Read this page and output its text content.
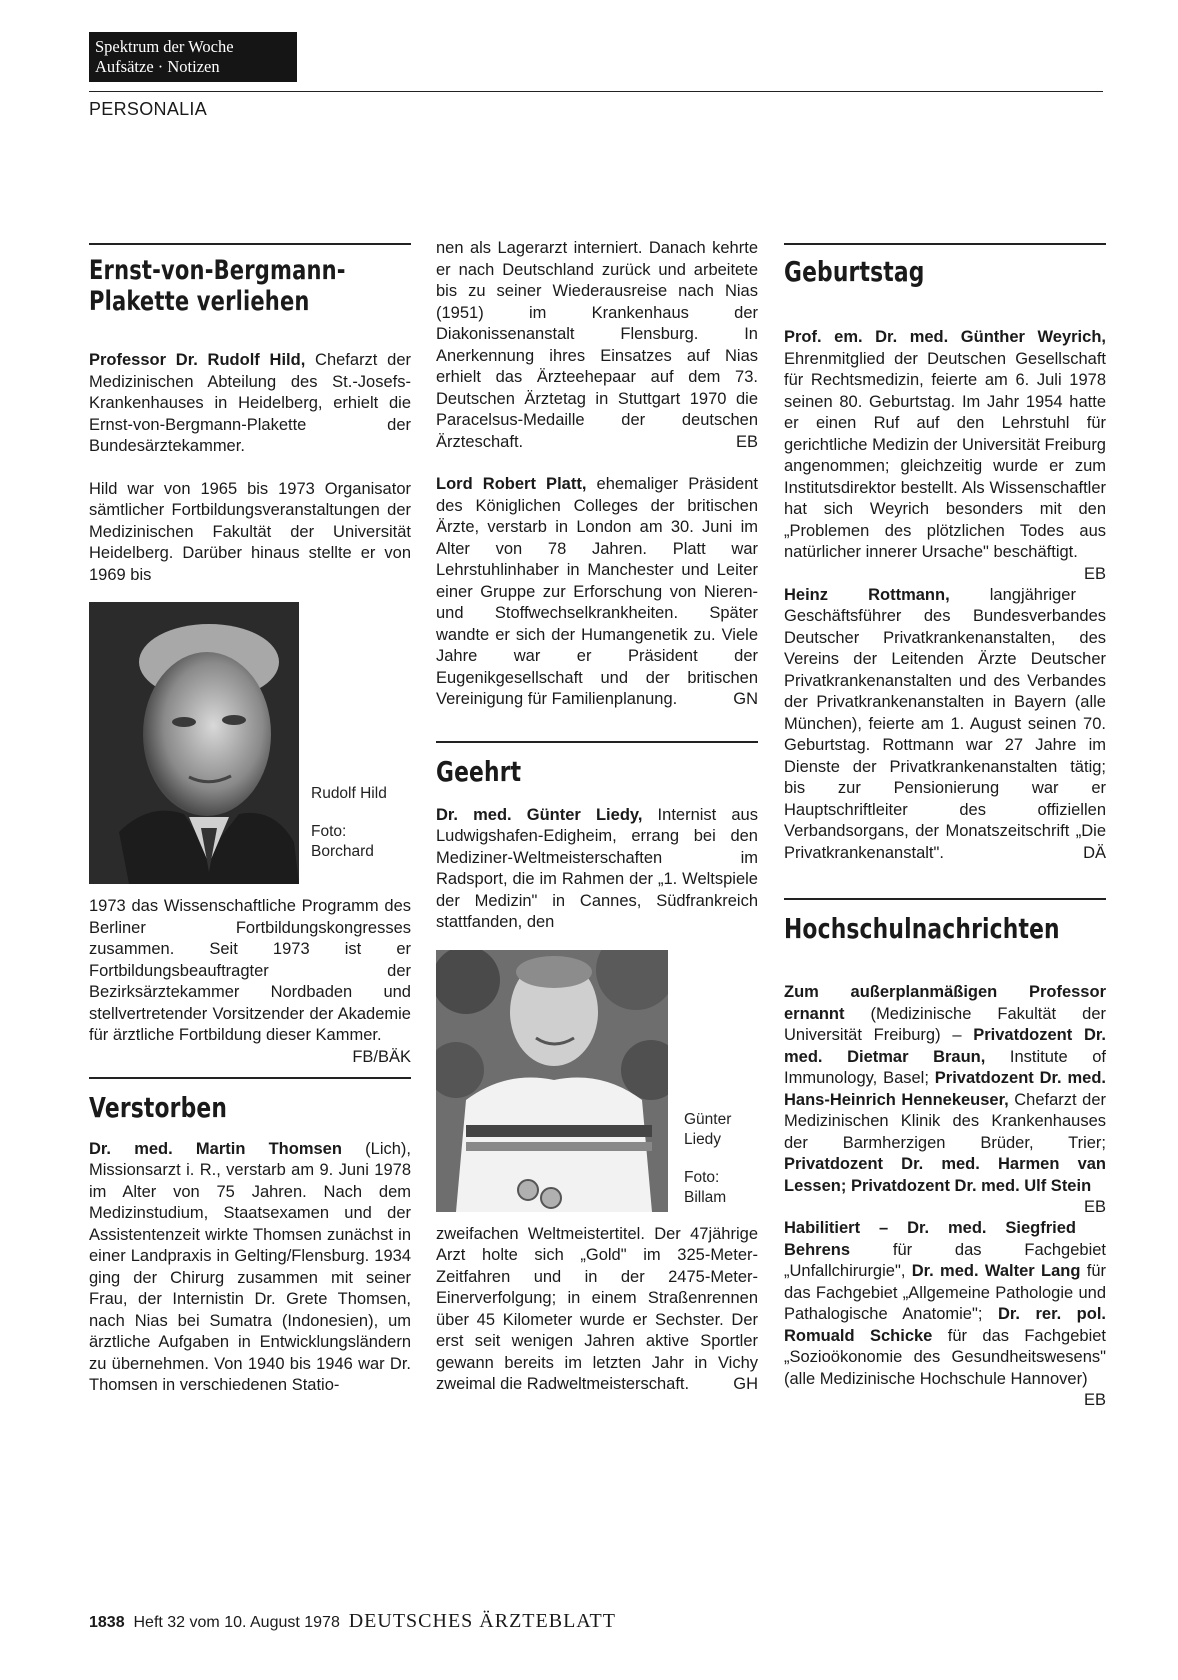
Spektrum der Woche
Aufsätze · Notizen
PERSONALIA
Ernst-von-Bergmann-
Plakette verliehen

Professor Dr. Rudolf Hild, Chefarzt der Medizinischen Abteilung des St.-Josefs-Krankenhauses in Heidelberg, erhielt die Ernst-von-Bergmann-Plakette der Bundesärztekammer.

Hild war von 1965 bis 1973 Organisator sämtlicher Fortbildungsveranstaltungen der Medizinischen Fakultät der Universität Heidelberg. Darüber hinaus stellte er von 1969 bis

Rudolf Hild
Foto:
Borchard

1973 das Wissenschaftliche Programm des Berliner Fortbildungskongresses zusammen. Seit 1973 ist er Fortbildungsbeauftragter der Bezirksärztekammer Nordbaden und stellvertretender Vorsitzender der Akademie für ärztliche Fortbildung dieser Kammer.
FB/BÄK

Verstorben

Dr. med. Martin Thomsen (Lich), Missionsarzt i. R., verstarb am 9. Juni 1978 im Alter von 75 Jahren. Nach dem Medizinstudium, Staatsexamen und der Assistentenzeit wirkte Thomsen zunächst in einer Landpraxis in Gelting/Flensburg. 1934 ging der Chirurg zusammen mit seiner Frau, der Internistin Dr. Grete Thomsen, nach Nias bei Sumatra (Indonesien), um ärztliche Aufgaben in Entwicklungsländern zu übernehmen. Von 1940 bis 1946 war Dr. Thomsen in verschiedenen Statio-

nen als Lagerarzt interniert. Danach kehrte er nach Deutschland zurück und arbeitete bis zu seiner Wiederausreise nach Nias (1951) im Krankenhaus der Diakonissenanstalt Flensburg. In Anerkennung ihres Einsatzes auf Nias erhielt das Ärzteehepaar auf dem 73. Deutschen Ärztetag in Stuttgart 1970 die Paracelsus-Medaille der deutschen Ärzteschaft.	EB

Lord Robert Platt, ehemaliger Präsident des Königlichen Colleges der britischen Ärzte, verstarb in London am 30. Juni im Alter von 78 Jahren. Platt war Lehrstuhlinhaber in Manchester und Leiter einer Gruppe zur Erforschung von Nieren- und Stoffwechselkrankheiten. Später wandte er sich der Humangenetik zu. Viele Jahre war er Präsident der Eugenikgesellschaft und der britischen Vereinigung für Familienplanung.	GN

Geehrt

Dr. med. Günter Liedy, Internist aus Ludwigshafen-Edigheim, errang bei den Mediziner-Weltmeisterschaften im Radsport, die im Rahmen der „1. Weltspiele der Medizin" in Cannes, Südfrankreich stattfanden, den

Günter
Liedy
Foto:
Billam

zweifachen Weltmeistertitel. Der 47jährige Arzt holte sich „Gold" im 325-Meter-Zeitfahren und in der 2475-Meter-Einerverfolgung; in einem Straßenrennen über 45 Kilometer wurde er Sechster. Der erst seit wenigen Jahren aktive Sportler gewann bereits im letzten Jahr in Vichy zweimal die Radweltmeisterschaft.	GH

Geburtstag

Prof. em. Dr. med. Günther Weyrich, Ehrenmitglied der Deutschen Gesellschaft für Rechtsmedizin, feierte am 6. Juli 1978 seinen 80. Geburtstag. Im Jahr 1954 hatte er einen Ruf auf den Lehrstuhl für gerichtliche Medizin der Universität Freiburg angenommen; gleichzeitig wurde er zum Institutsdirektor bestellt. Als Wissenschaftler hat sich Weyrich besonders mit den „Problemen des plötzlichen Todes aus natürlicher innerer Ursache" beschäftigt.
EB

Heinz Rottmann, langjähriger Geschäftsführer des Bundesverbandes Deutscher Privatkrankenanstalten, des Vereins der Leitenden Ärzte Deutscher Privatkrankenanstalten und des Verbandes der Privatkrankenanstalten in Bayern (alle München), feierte am 1. August seinen 70. Geburtstag. Rottmann war 27 Jahre im Dienste der Privatkrankenanstalten tätig; bis zur Pensionierung war er Hauptschriftleiter des offiziellen Verbandsorgans, der Monatszeitschrift „Die Privatkrankenanstalt".	DÄ

Hochschulnachrichten

Zum außerplanmäßigen Professor ernannt (Medizinische Fakultät der Universität Freiburg) – Privatdozent Dr. med. Dietmar Braun, Institute of Immunology, Basel; Privatdozent Dr. med. Hans-Heinrich Hennekeuser, Chefarzt der Medizinischen Klinik des Krankenhauses der Barmherzigen Brüder, Trier; Privatdozent Dr. med. Harmen van Lessen; Privatdozent Dr. med. Ulf Stein
EB

Habilitiert – Dr. med. Siegfried Behrens für das Fachgebiet „Unfallchirurgie", Dr. med. Walter Lang für das Fachgebiet „Allgemeine Pathologie und Pathalogische Anatomie"; Dr. rer. pol. Romuald Schicke für das Fachgebiet „Sozioökonomie des Gesundheitswesens" (alle Medizinische Hochschule Hannover)
EB

1838 Heft 32 vom 10. August 1978 DEUTSCHES ÄRZTEBLATT
